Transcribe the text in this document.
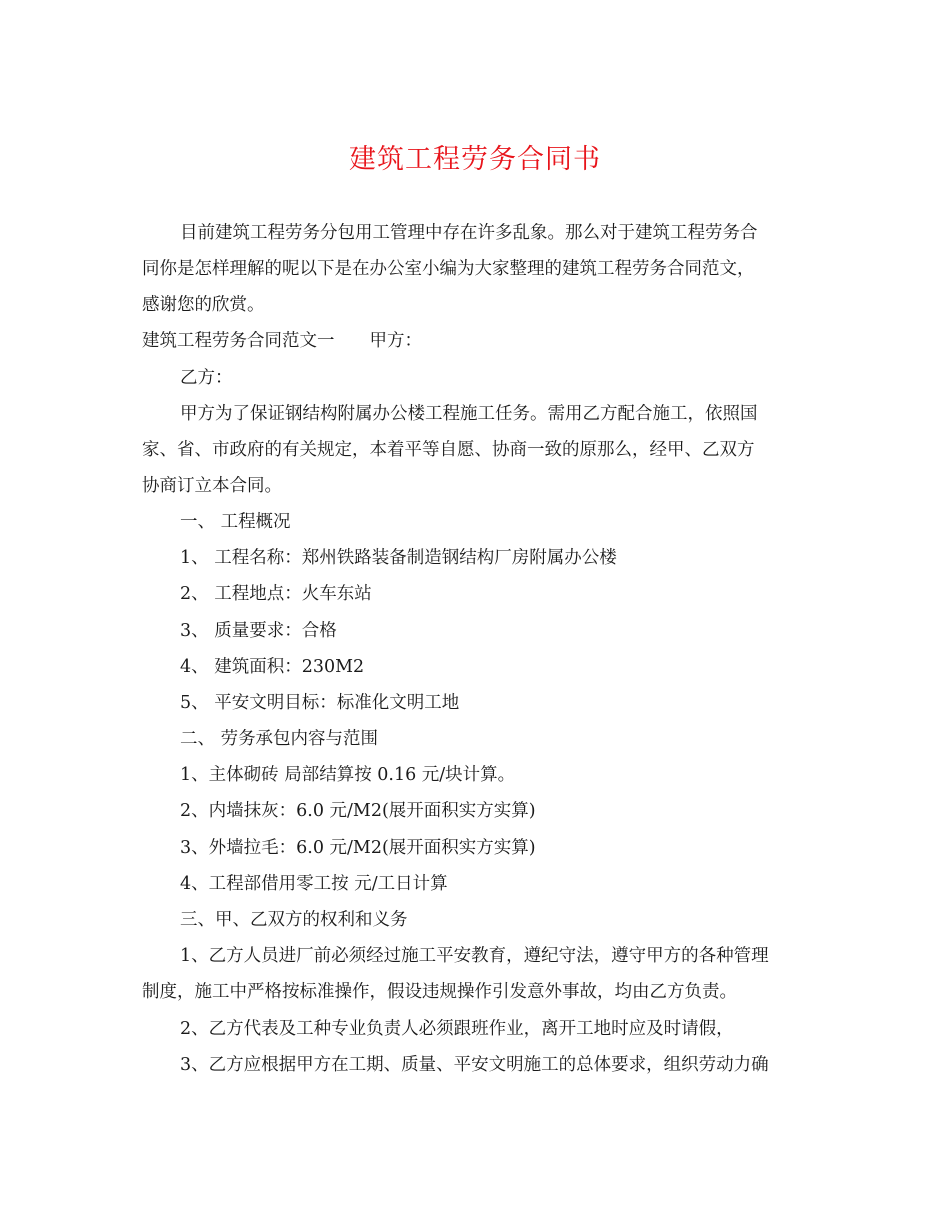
建筑工程劳务合同书
目前建筑工程劳务分包用工管理中存在许多乱象。那么对于建筑工程劳务合
同你是怎样理解的呢以下是在办公室小编为大家整理的建筑工程劳务合同范文，
感谢您的欣赏。
建筑工程劳务合同范文一　　甲方：
乙方：
甲方为了保证钢结构附属办公楼工程施工任务。需用乙方配合施工，依照国
家、省、市政府的有关规定，本着平等自愿、协商一致的原那么，经甲、乙双方
协商订立本合同。
一、 工程概况
1、 工程名称：郑州铁路装备制造钢结构厂房附属办公楼
2、 工程地点：火车东站
3、 质量要求：合格
4、 建筑面积：230M2
5、 平安文明目标：标准化文明工地
二、 劳务承包内容与范围
1、主体砌砖 局部结算按 0.16 元/块计算。
2、内墙抹灰：6.0 元/M2(展开面积实方实算)
3、外墙拉毛：6.0 元/M2(展开面积实方实算)
4、工程部借用零工按 元/工日计算
三、甲、乙双方的权利和义务
1、乙方人员进厂前必须经过施工平安教育，遵纪守法，遵守甲方的各种管理
制度，施工中严格按标准操作，假设违规操作引发意外事故，均由乙方负责。
2、乙方代表及工种专业负责人必须跟班作业，离开工地时应及时请假，
3、乙方应根据甲方在工期、质量、平安文明施工的总体要求，组织劳动力确
